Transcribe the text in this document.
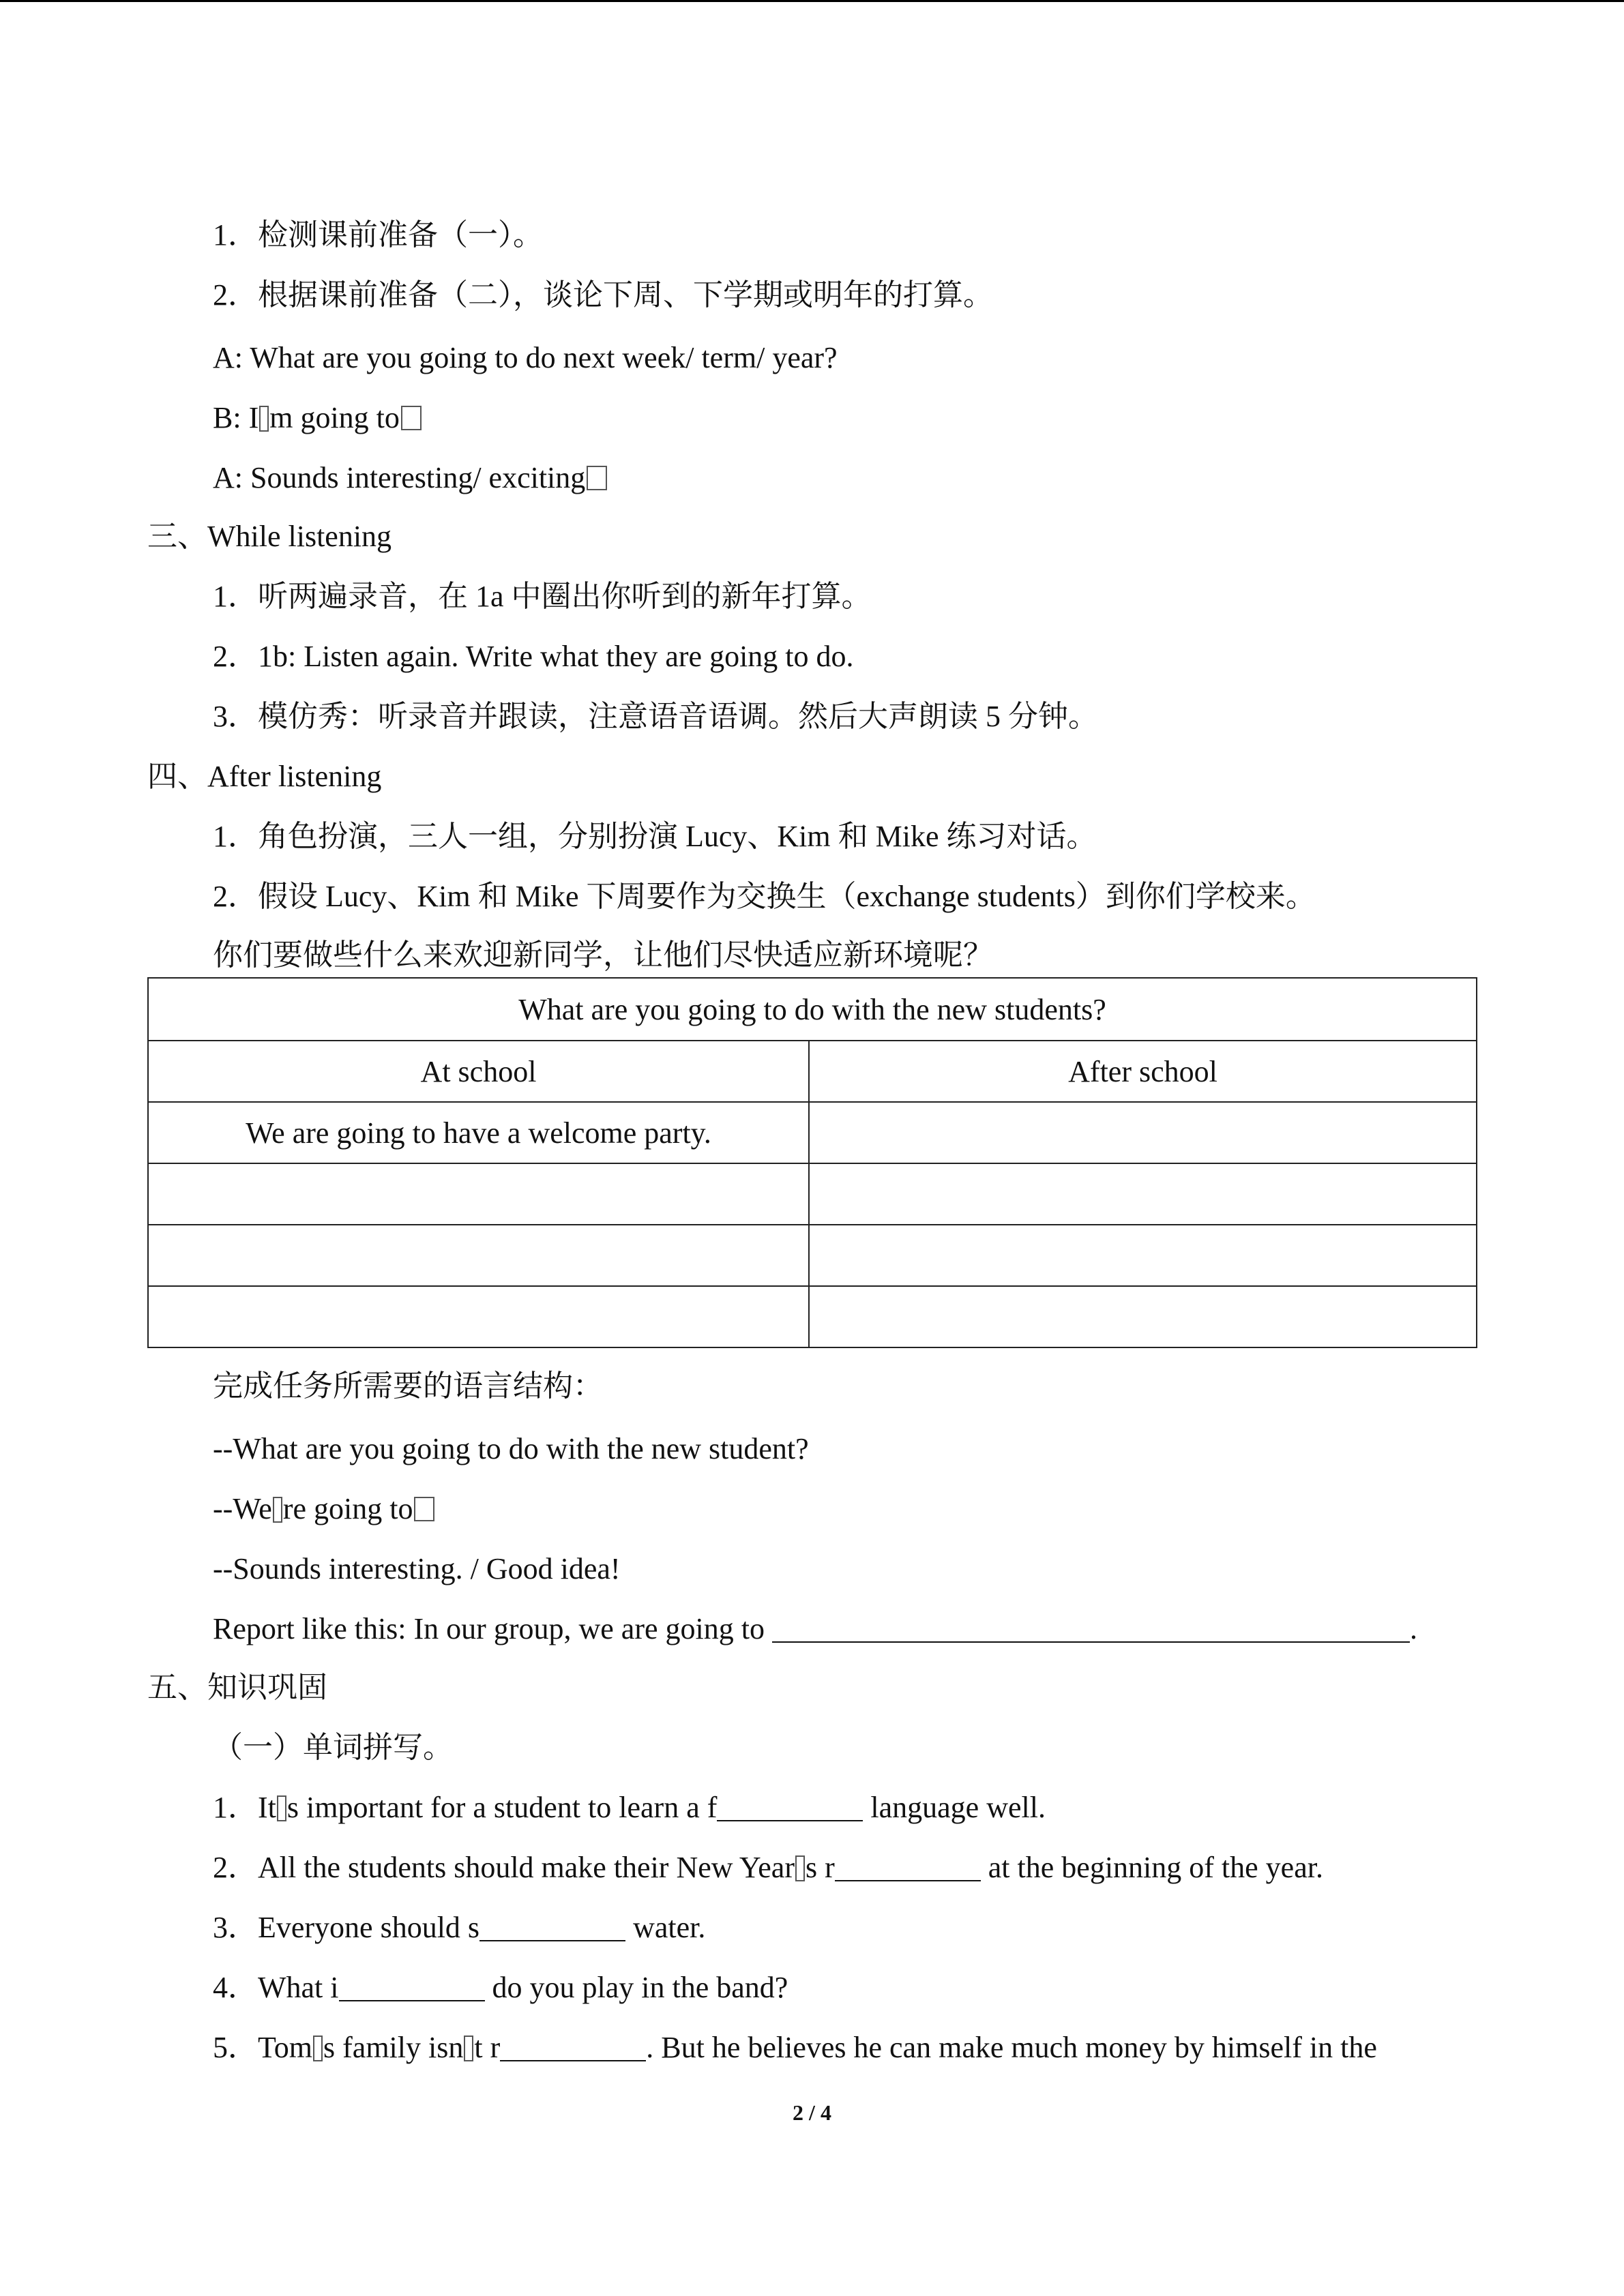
1．检测课前准备（一）。
2．根据课前准备（二），谈论下周、下学期或明年的打算。
A: What are you going to do next week/ term/ year?
B: I m going to
A: Sounds interesting/ exciting
三、While listening
1．听两遍录音，在 1a 中圈出你听到的新年打算。
2．1b: Listen again. Write what they are going to do.
3．模仿秀：听录音并跟读，注意语音语调。然后大声朗读 5 分钟。
四、After listening
1．角色扮演，三人一组，分别扮演 Lucy、Kim 和 Mike 练习对话。
2．假设 Lucy、Kim 和 Mike 下周要作为交换生（exchange students）到你们学校来。
你们要做些什么来欢迎新同学，让他们尽快适应新环境呢？
What are you going to do with the new students?	
At school	After school
We are going to have a welcome party.	

完成任务所需要的语言结构：
--What are you going to do with the new student?
--We re going to
--Sounds interesting. / Good idea!
Report like this: In our group, we are going to	.
五、知识巩固
（一）单词拼写。
1．It s important for a student to learn a f	language well.
2．All the students should make their New Year s r	at the beginning of the year.
3．Everyone should s	water.
4．What i	do you play in the band?
5．Tom s family isn t r	. But he believes he can make much money by himself in the
2 / 4
